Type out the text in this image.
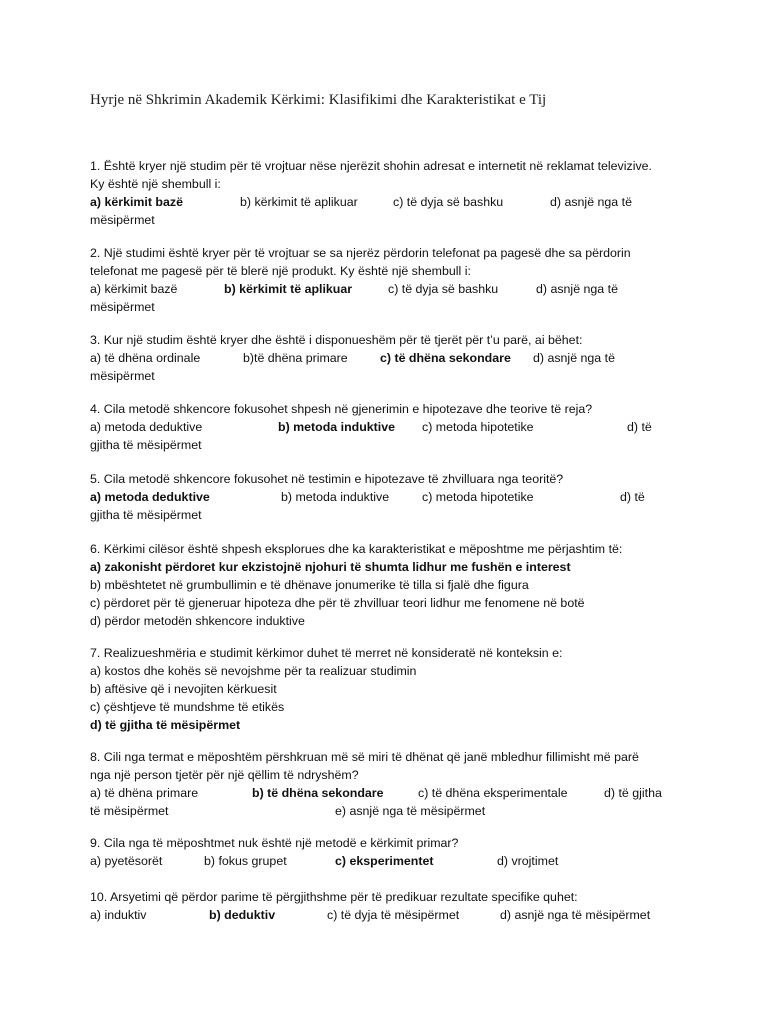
Hyrje në Shkrimin Akademik Kërkimi: Klasifikimi dhe Karakteristikat e Tij
1. Është kryer një studim për të vrojtuar nëse njerëzit shohin adresat e internetit në reklamat televizive.
Ky është një shembull i:
a) kërkimit bazë	b) kërkimit të aplikuar	c) të dyja së bashku	d) asnjë nga të
mësipërmet
2. Një studimi është kryer për të vrojtuar se sa njerëz përdorin telefonat pa pagesë dhe sa përdorin
telefonat me pagesë për të blerë një produkt. Ky është një shembull i:
a) kërkimit bazë	b) kërkimit të aplikuar	c) të dyja së bashku	d) asnjë nga të
mësipërmet
3. Kur një studim është kryer dhe është i disponueshëm për të tjerët për t’u parë, ai bëhet:
a) të dhëna ordinale	b)të dhëna primare	c) të dhëna sekondare d) asnjë nga të
mësipërmet
4. Cila metodë shkencore fokusohet shpesh në gjenerimin e hipotezave dhe teorive të reja?
a) metoda deduktive	b) metoda induktive c) metoda hipotetike	d) të
gjitha të mësipërmet
5. Cila metodë shkencore fokusohet në testimin e hipotezave të zhvilluara nga teoritë?
a) metoda deduktive	b) metoda induktive	c) metoda hipotetike	d) të
gjitha të mësipërmet
6. Kërkimi cilësor është shpesh eksplorues dhe ka karakteristikat e mëposhtme me përjashtim të:
a) zakonisht përdoret kur ekzistojnë njohuri të shumta lidhur me fushën e interest
b) mbështetet në grumbullimin e të dhënave jonumerike të tilla si fjalë dhe figura
c) përdoret për të gjeneruar hipoteza dhe për të zhvilluar teori lidhur me fenomene në botë
d) përdor metodën shkencore induktive
7. Realizueshmëria e studimit kërkimor duhet të merret në konsideratë në konteksin e:
a) kostos dhe kohës së nevojshme për ta realizuar studimin
b) aftësive që i nevojiten kërkuesit
c) çështjeve të mundshme të etikës
d) të gjitha të mësipërmet
8. Cili nga termat e mëposhtëm përshkruan më së miri të dhënat që janë mbledhur fillimisht më parë
nga një person tjetër për një qëllim të ndryshëm?
a) të dhëna primare	b) të dhëna sekondare	c) të dhëna eksperimentale	d) të gjitha
të mësipërmet	e) asnjë nga të mësipërmet
9. Cila nga të mëposhtmet nuk është një metodë e kërkimit primar?
a) pyetësorët	b) fokus grupet	c) eksperimentet	d) vrojtimet
10. Arsyetimi që përdor parime të përgjithshme për të predikuar rezultate specifike quhet:
a) induktiv	b) deduktiv	c) të dyja të mësipërmet	d) asnjë nga të mësipërmet
